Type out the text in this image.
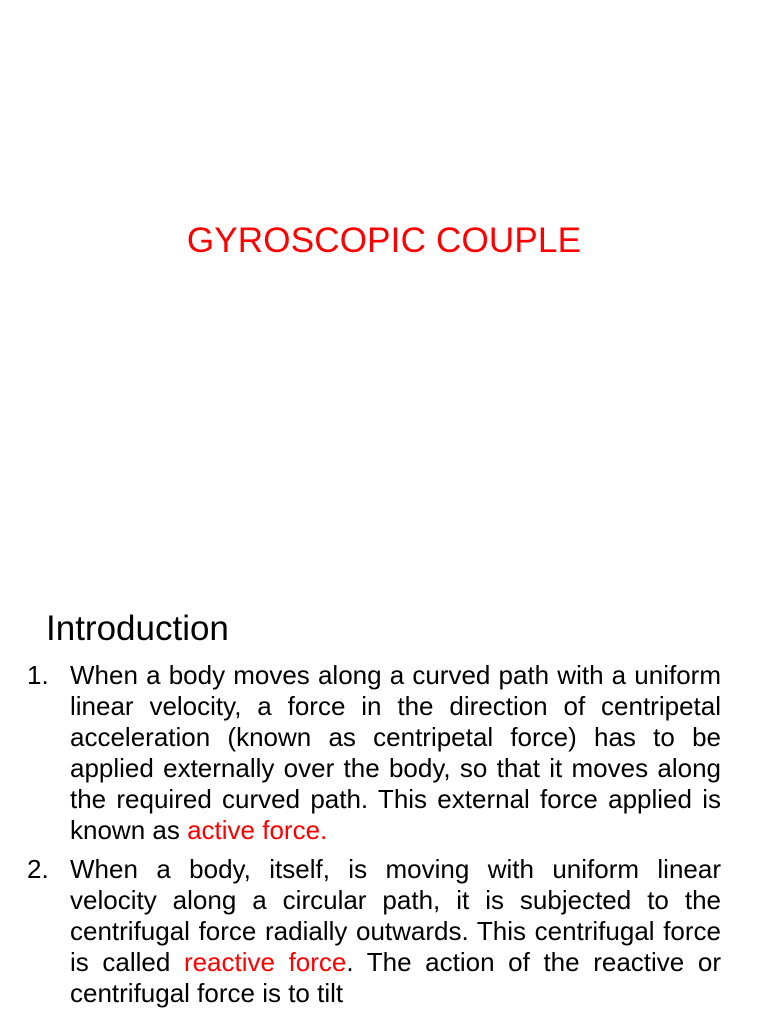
GYROSCOPIC COUPLE
Introduction
1. When a body moves along a curved path with a uniform linear velocity, a force in the direction of centripetal acceleration (known as centripetal force) has to be applied externally over the body, so that it moves along the required curved path. This external force applied is known as active force.
2. When a body, itself, is moving with uniform linear velocity along a circular path, it is subjected to the centrifugal force radially outwards. This centrifugal force is called reactive force. The action of the reactive or centrifugal force is to tilt
